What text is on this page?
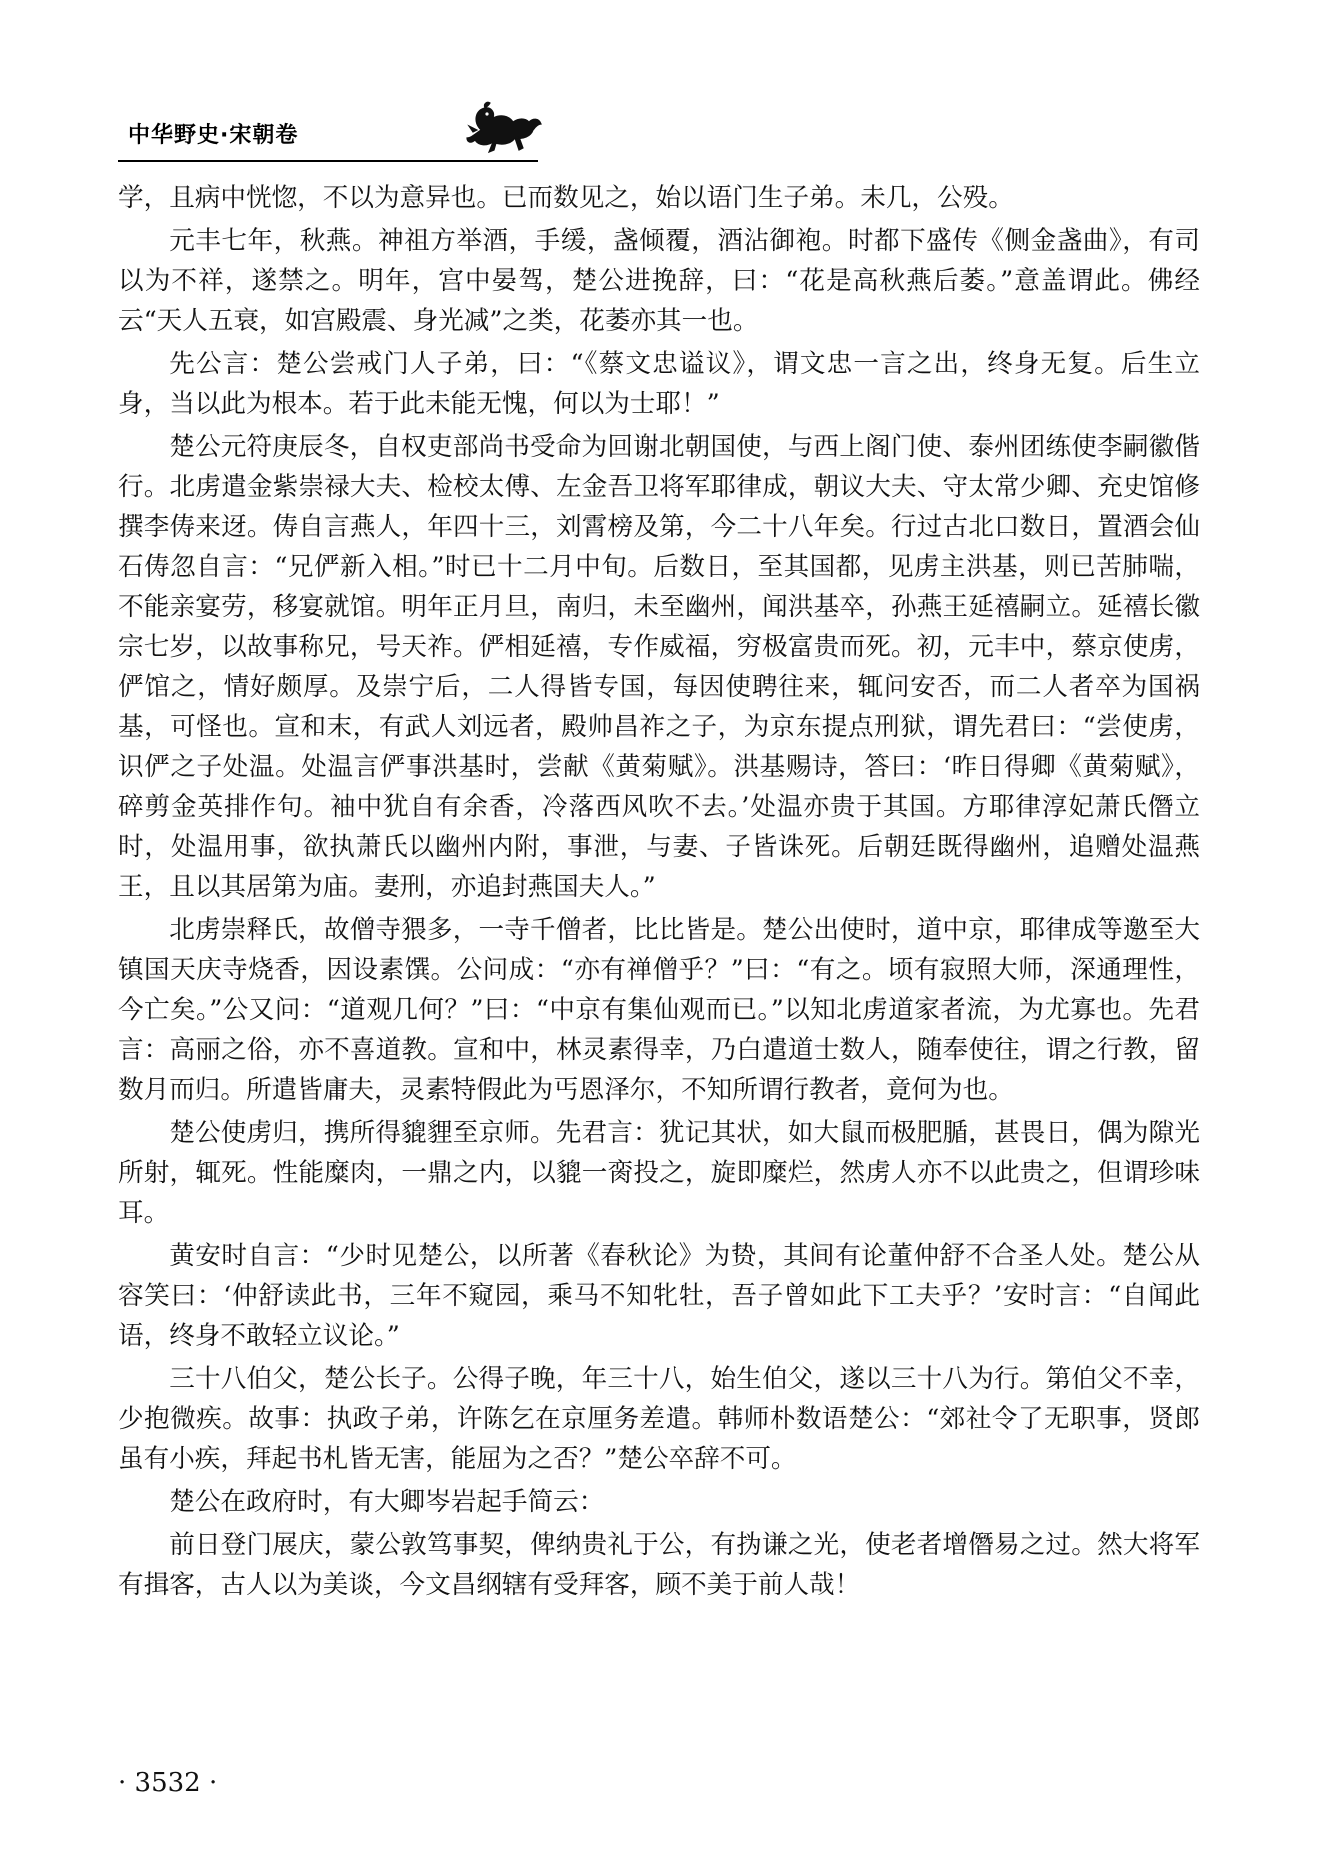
中华野史·宋朝卷

学，且病中恍惚，不以为意异也。已而数见之，始以语门生子弟。未几，公殁。

元丰七年，秋燕。神祖方举酒，手缓，盏倾覆，酒沾御袍。时都下盛传《侧金盏曲》，有司以为不祥，遂禁之。明年，宫中晏驾，楚公进挽辞，曰：“花是高秋燕后萎。”意盖谓此。佛经云“天人五衰，如宫殿震、身光减”之类，花萎亦其一也。

先公言：楚公尝戒门人子弟，曰：“《蔡文忠谥议》，谓文忠一言之出，终身无复。后生立身，当以此为根本。若于此未能无愧，何以为士耶！”

楚公元符庚辰冬，自权吏部尚书受命为回谢北朝国使，与西上阁门使、泰州团练使李嗣徽偕行。北虏遣金紫崇禄大夫、检校太傅、左金吾卫将军耶律成，朝议大夫、守太常少卿、充史馆修撰李俦来迓。俦自言燕人，年四十三，刘霄榜及第，今二十八年矣。行过古北口数日，置酒会仙石俦忽自言：“兄俨新入相。”时已十二月中旬。后数日，至其国都，见虏主洪基，则已苦肺喘，不能亲宴劳，移宴就馆。明年正月旦，南归，未至幽州，闻洪基卒，孙燕王延禧嗣立。延禧长徽宗七岁，以故事称兄，号天祚。俨相延禧，专作威福，穷极富贵而死。初，元丰中，蔡京使虏，俨馆之，情好颇厚。及崇宁后，二人得皆专国，每因使聘往来，辄问安否，而二人者卒为国祸基，可怪也。宣和末，有武人刘远者，殿帅昌祚之子，为京东提点刑狱，谓先君曰：“尝使虏，识俨之子处温。处温言俨事洪基时，尝献《黄菊赋》。洪基赐诗，答曰：‘昨日得卿《黄菊赋》，碎剪金英排作句。袖中犹自有余香，冷落西风吹不去。’处温亦贵于其国。方耶律淳妃萧氏僭立时，处温用事，欲执萧氏以幽州内附，事泄，与妻、子皆诛死。后朝廷既得幽州，追赠处温燕王，且以其居第为庙。妻刑，亦追封燕国夫人。”

北虏崇释氏，故僧寺猥多，一寺千僧者，比比皆是。楚公出使时，道中京，耶律成等邀至大镇国天庆寺烧香，因设素馔。公问成：“亦有禅僧乎？”曰：“有之。顷有寂照大师，深通理性，今亡矣。”公又问：“道观几何？”曰：“中京有集仙观而已。”以知北虏道家者流，为尤寡也。先君言：高丽之俗，亦不喜道教。宣和中，林灵素得幸，乃白遣道士数人，随奉使往，谓之行教，留数月而归。所遣皆庸夫，灵素特假此为丐恩泽尔，不知所谓行教者，竟何为也。

楚公使虏归，携所得貔貍至京师。先君言：犹记其状，如大鼠而极肥腯，甚畏日，偶为隙光所射，辄死。性能糜肉，一鼎之内，以貔一脔投之，旋即糜烂，然虏人亦不以此贵之，但谓珍味耳。

黄安时自言：“少时见楚公，以所著《春秋论》为贽，其间有论董仲舒不合圣人处。楚公从容笑曰：‘仲舒读此书，三年不窥园，乘马不知牝牡，吾子曾如此下工夫乎？’安时言：“自闻此语，终身不敢轻立议论。”

三十八伯父，楚公长子。公得子晚，年三十八，始生伯父，遂以三十八为行。第伯父不幸，少抱微疾。故事：执政子弟，许陈乞在京厘务差遣。韩师朴数语楚公：“郊社令了无职事，贤郎虽有小疾，拜起书札皆无害，能屈为之否？”楚公卒辞不可。

楚公在政府时，有大卿岑岩起手简云：

前日登门展庆，蒙公敦笃事契，俾纳贵礼于公，有㧑谦之光，使老者增僭易之过。然大将军有揖客，古人以为美谈，今文昌纲辖有受拜客，顾不美于前人哉！

· 3532 ·
